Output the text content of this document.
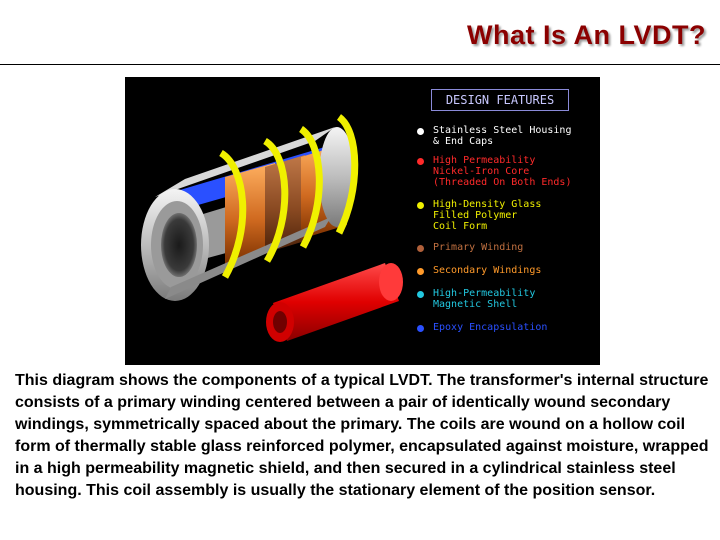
What Is An LVDT?
DESIGN FEATURES
Stainless Steel Housing
& End Caps
High Permeability
Nickel-Iron Core
(Threaded On Both Ends)
High-Density Glass
Filled Polymer
Coil Form
Primary Winding
Secondary Windings
High-Permeability
Magnetic Shell
Epoxy Encapsulation

This diagram shows the components of a typical LVDT. The transformer's internal structure consists of a primary winding centered between a pair of identically wound secondary windings, symmetrically spaced about the primary. The coils are wound on a hollow coil form of thermally stable glass reinforced polymer, encapsulated against moisture, wrapped in a high permeability magnetic shield, and then secured in a cylindrical stainless steel housing. This coil assembly is usually the stationary element of the position sensor.
